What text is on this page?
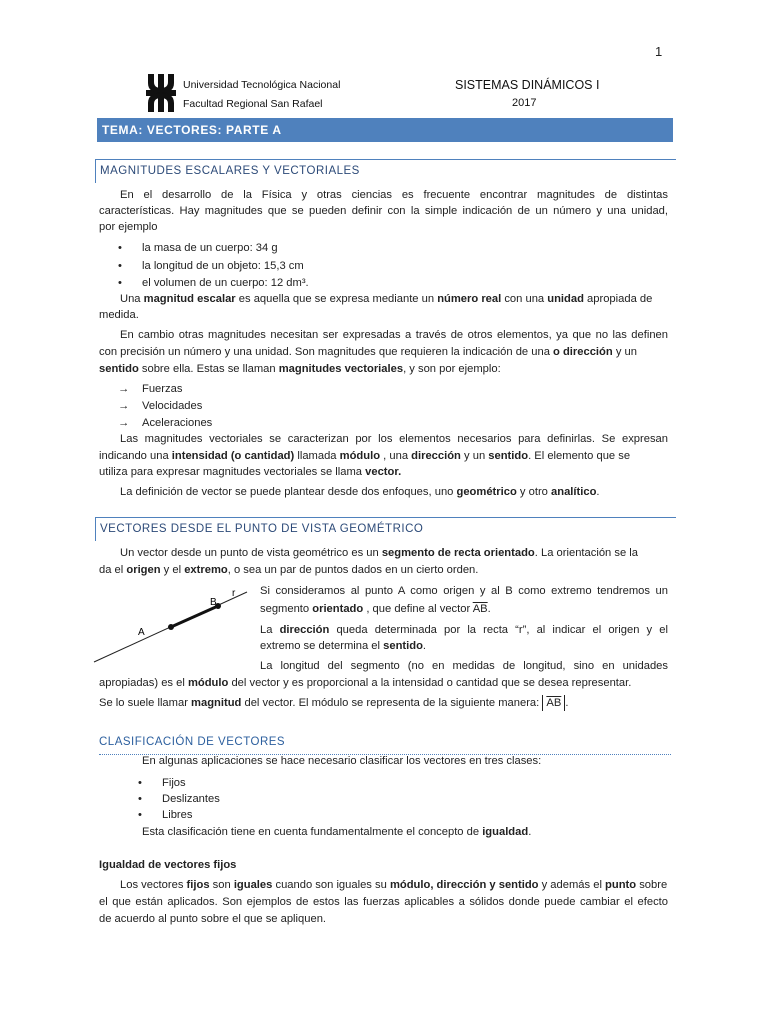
1
Universidad Tecnológica Nacional
Facultad Regional San Rafael
SISTEMAS DINÁMICOS I
2017
TEMA: VECTORES: PARTE A
MAGNITUDES ESCALARES Y VECTORIALES
En el desarrollo de la Física y otras ciencias es frecuente encontrar magnitudes de distintas
características. Hay magnitudes que se pueden definir con la simple indicación de un número y una unidad,
por ejemplo
• la masa de un cuerpo: 34 g
• la longitud de un objeto: 15,3 cm
• el volumen de un cuerpo: 12 dm³.
Una magnitud escalar es aquella que se expresa mediante un número real con una unidad apropiada de
medida.
En cambio otras magnitudes necesitan ser expresadas a través de otros elementos, ya que no las definen
con precisión un número y una unidad. Son magnitudes que requieren la indicación de una o dirección y un
sentido sobre ella. Estas se llaman magnitudes vectoriales, y son por ejemplo:
→ Fuerzas
→ Velocidades
→ Aceleraciones
Las magnitudes vectoriales se caracterizan por los elementos necesarios para definirlas. Se expresan
indicando una intensidad (o cantidad) llamada módulo , una dirección y un sentido. El elemento que se
utiliza para expresar magnitudes vectoriales se llama vector.
La definición de vector se puede plantear desde dos enfoques, uno geométrico y otro analítico.
VECTORES DESDE EL PUNTO DE VISTA GEOMÉTRICO
Un vector desde un punto de vista geométrico es un segmento de recta orientado. La orientación se la
da el origen y el extremo, o sea un par de puntos dados en un cierto orden.
A
B
r Si consideramos al punto A como origen y al B como extremo tendremos un
segmento orientado , que define al vector $\overline{AB}$.
La dirección queda determinada por la recta “r”, al indicar el origen y el
extremo se determina el sentido.
La longitud del segmento (no en medidas de longitud, sino en unidades
apropiadas) es el módulo del vector y es proporcional a la intensidad o cantidad que se desea representar.
Se lo suele llamar magnitud del vector. El módulo se representa de la siguiente manera: $\overline{AB}$ .
CLASIFICACIÓN DE VECTORES
En algunas aplicaciones se hace necesario clasificar los vectores en tres clases:
• Fijos
• Deslizantes
• Libres
Esta clasificación tiene en cuenta fundamentalmente el concepto de igualdad.
Igualdad de vectores fijos
Los vectores fijos son iguales cuando son iguales su módulo, dirección y sentido y además el punto sobre
el que están aplicados. Son ejemplos de estos las fuerzas aplicables a sólidos donde puede cambiar el efecto
de acuerdo al punto sobre el que se apliquen.
